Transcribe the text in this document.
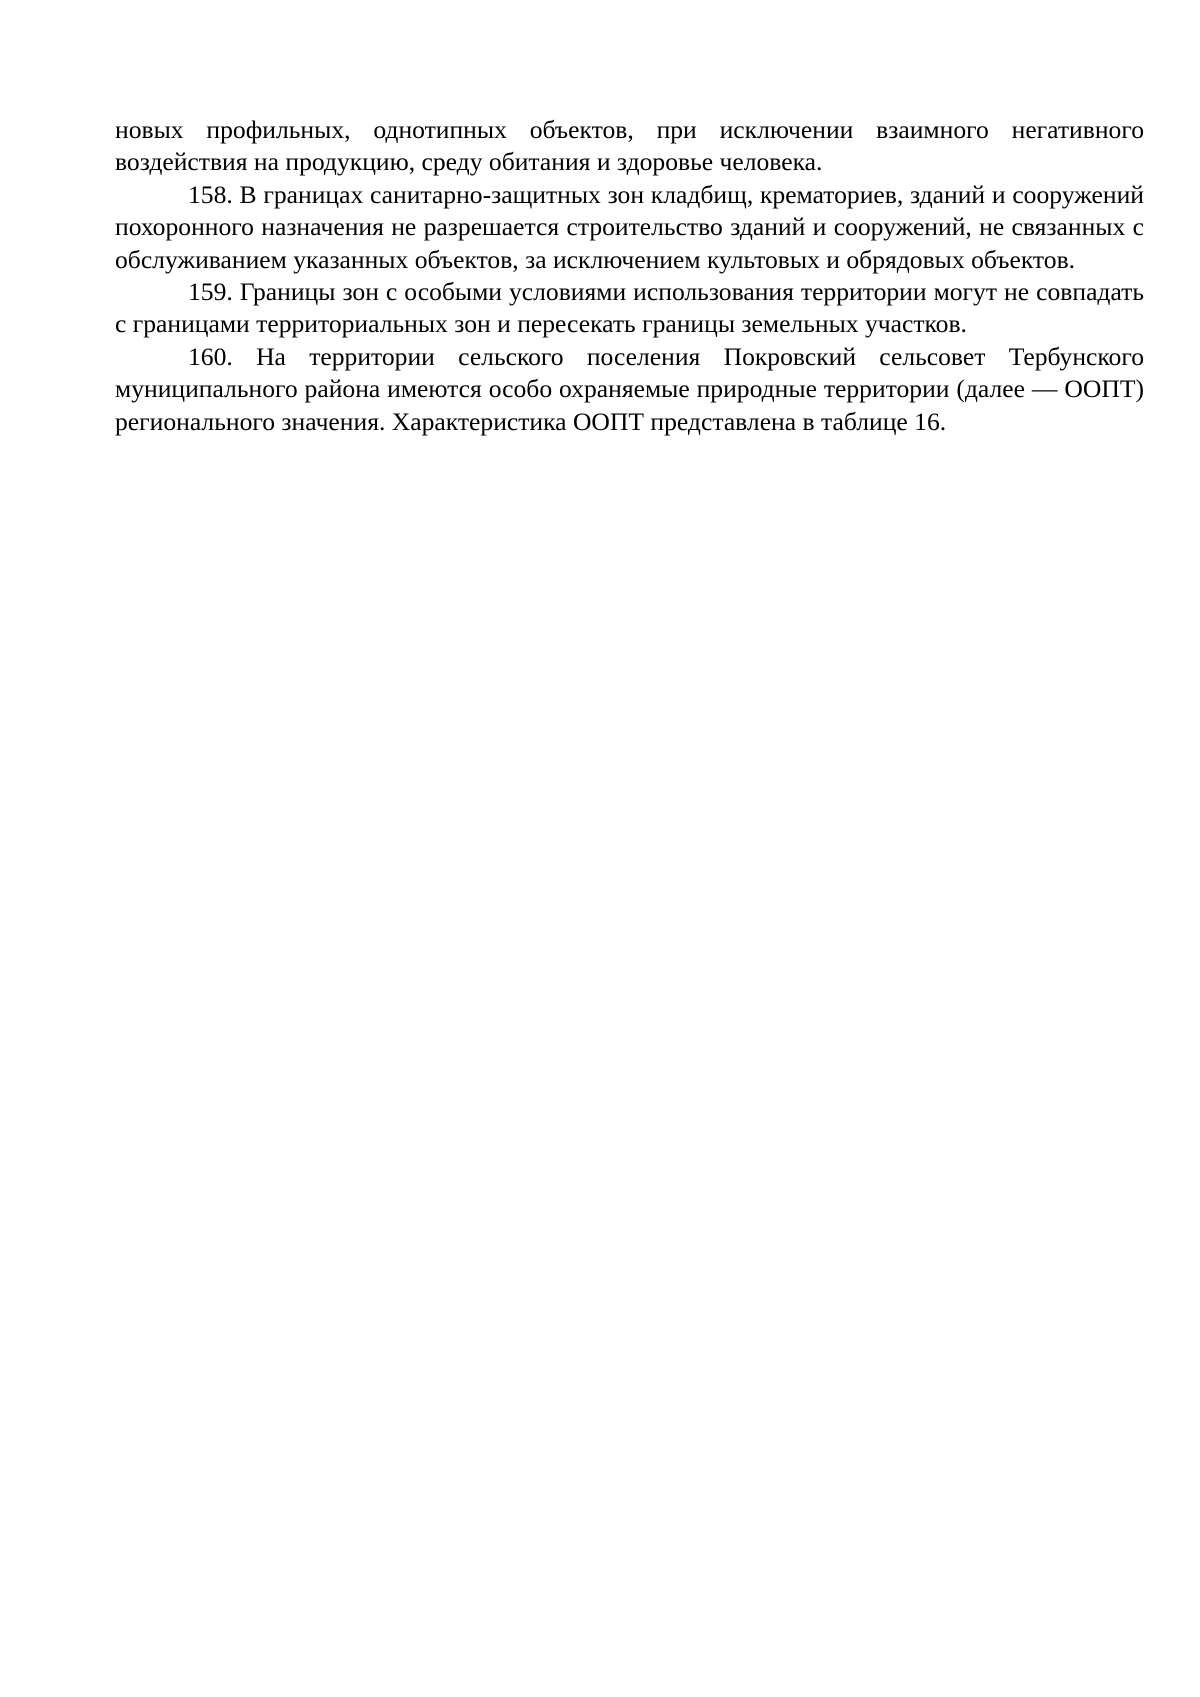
новых профильных, однотипных объектов, при исключении взаимного негативного воздействия на продукцию, среду обитания и здоровье человека.

158. В границах санитарно-защитных зон кладбищ, крематориев, зданий и сооружений похоронного назначения не разрешается строительство зданий и сооружений, не связанных с обслуживанием указанных объектов, за исключением культовых и обрядовых объектов.

159. Границы зон с особыми условиями использования территории могут не совпадать с границами территориальных зон и пересекать границы земельных участков.

160. На территории сельского поселения Покровский сельсовет Тербунского муниципального района имеются особо охраняемые природные территории (далее — ООПТ) регионального значения. Характеристика ООПТ представлена в таблице 16.
